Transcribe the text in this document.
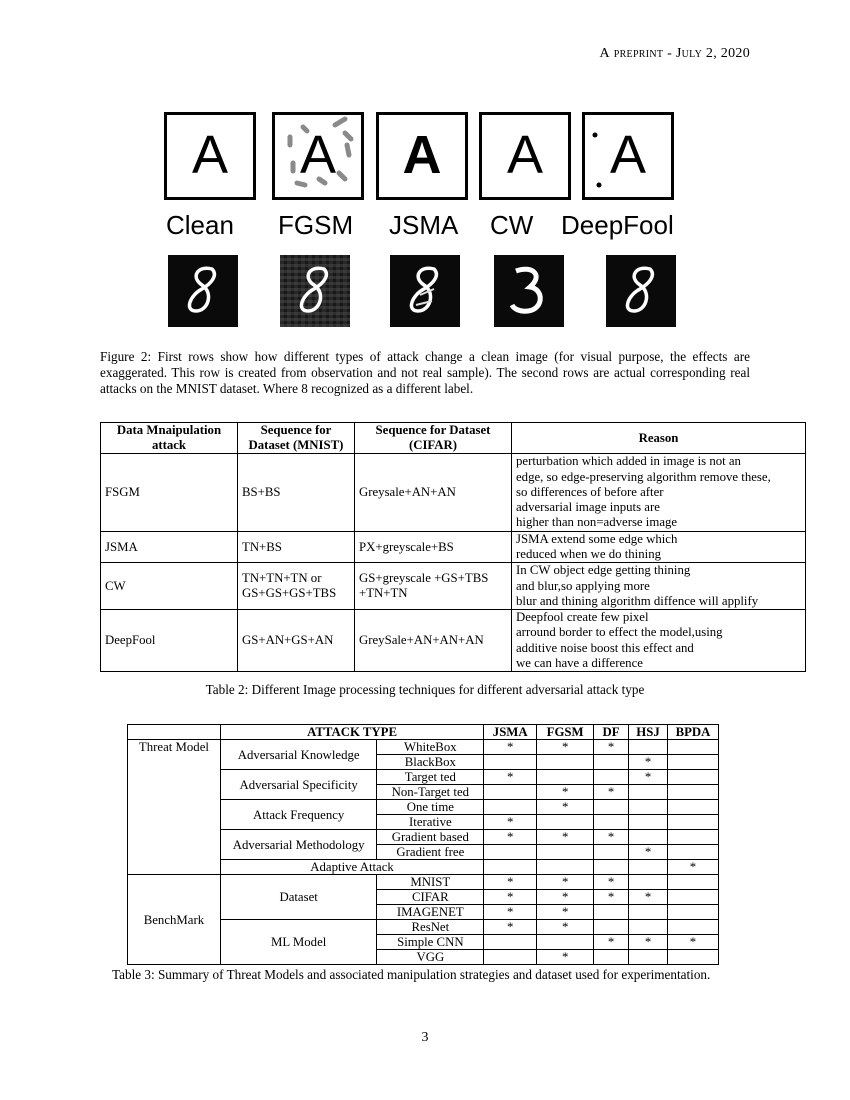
A preprint - July 2, 2020
A	A	A	A	A
Clean FGSM JSMA CW DeepFool
Figure 2: First rows show how different types of attack change a clean image (for visual purpose, the effects are exaggerated. This row is created from observation and not real sample). The second rows are actual corresponding real attacks on the MNIST dataset. Where 8 recognized as a different label.
Data Mnaipulation attack	Sequence for Dataset (MNIST)	Sequence for Dataset (CIFAR)	Reason
FSGM	BS+BS	Greysale+AN+AN	perturbation which added in image is not an
edge, so edge-preserving algorithm remove these,
so differences of before after
adversarial image inputs are
higher than non=adverse image

JSMA	TN+BS	PX+greyscale+BS	JSMA extend some edge which
reduced when we do thining

CW	TN+TN+TN or GS+GS+GS+TBS	GS+greyscale +GS+TBS +TN+TN	In CW object edge getting thining
and blur,so applying more
blur and thining algorithm diffence will applify

DeepFool	GS+AN+GS+AN	GreySale+AN+AN+AN	Deepfool create few pixel
arround border to effect the model,using
additive noise boost this effect and
we can have a difference
Table 2: Different Image processing techniques for different adversarial attack type
	ATTACK TYPE		JSMA	FGSM	DF	HSJ	BPDA
Threat Model	Adversarial Knowledge	WhiteBox	*	*	*		
		BlackBox				*	
	Adversarial Specificity	Target ted	*			*	
		Non-Target ted		*	*		
	Attack Frequency	One time		*			
		Iterative	*				
	Adversarial Methodology	Gradient based	*	*	*		
		Gradient free				*	
	Adaptive Attack						*
BenchMark	Dataset	MNIST	*	*	*		
		CIFAR	*	*	*	*	
		IMAGENET	*	*			
	ML Model	ResNet	*	*			
		Simple CNN			*	*	*
		VGG		*			
Table 3: Summary of Threat Models and associated manipulation strategies and dataset used for experimentation.
3
